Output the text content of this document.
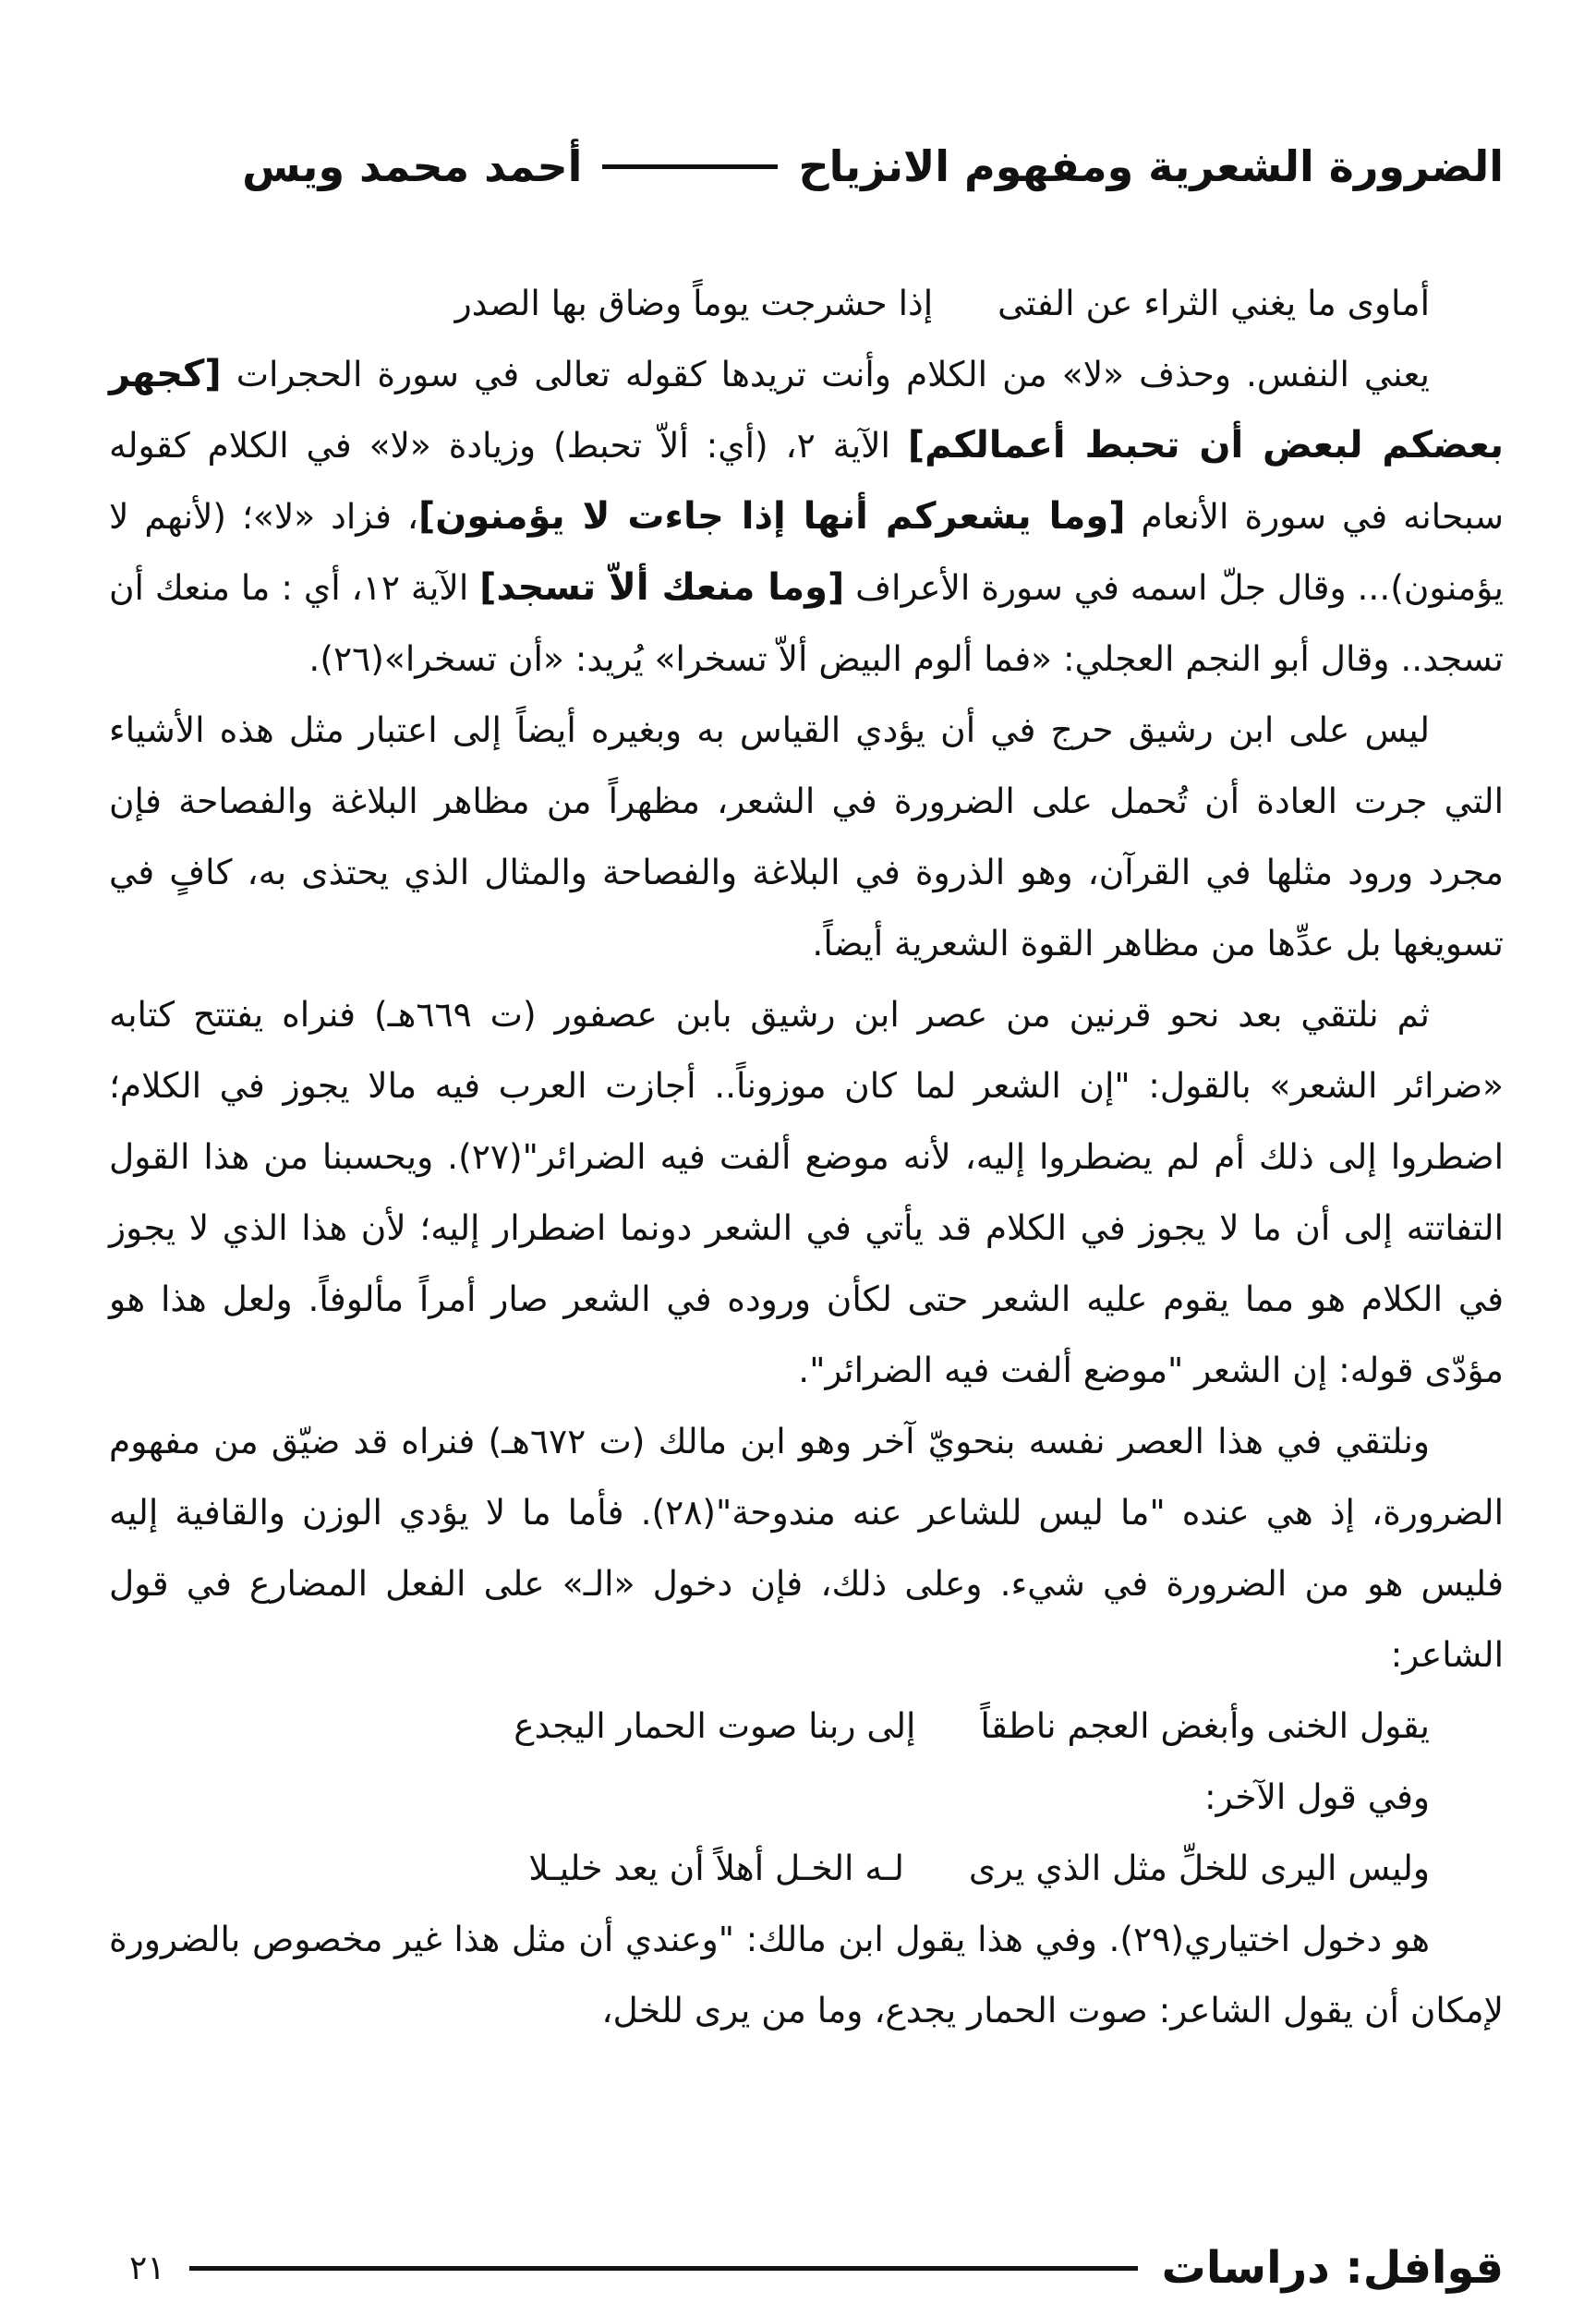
الضرورة الشعرية ومفهوم الانزياح
أحمد محمد ويس
أماوى ما يغني الثراء عن الفتى
إذا حشرجت يوماً وضاق بها الصدر

يعني النفس. وحذف «لا» من الكلام وأنت تريدها كقوله تعالى في سورة الحجرات [كجهر بعضكم لبعض أن تحبط أعمالكم] الآية ٢، (أي: ألاّ تحبط) وزيادة «لا» في الكلام كقوله سبحانه في سورة الأنعام [وما يشعركم أنها إذا جاءت لا يؤمنون]، فزاد «لا»؛ (لأنهم لا يؤمنون)... وقال جلّ اسمه في سورة الأعراف [وما منعك ألاّ تسجد] الآية ١٢، أي : ما منعك أن تسجد.. وقال أبو النجم العجلي: «فما ألوم البيض ألاّ تسخرا» يُريد: «أن تسخرا»(٢٦).

ليس على ابن رشيق حرج في أن يؤدي القياس به وبغيره أيضاً إلى اعتبار مثل هذه الأشياء التي جرت العادة أن تُحمل على الضرورة في الشعر، مظهراً من مظاهر البلاغة والفصاحة فإن مجرد ورود مثلها في القرآن، وهو الذروة في البلاغة والفصاحة والمثال الذي يحتذى به، كافٍ في تسويغها بل عدِّها من مظاهر القوة الشعرية أيضاً.

ثم نلتقي بعد نحو قرنين من عصر ابن رشيق بابن عصفور (ت ٦٦٩هـ) فنراه يفتتح كتابه «ضرائر الشعر» بالقول: "إن الشعر لما كان موزوناً.. أجازت العرب فيه مالا يجوز في الكلام؛ اضطروا إلى ذلك أم لم يضطروا إليه، لأنه موضع ألفت فيه الضرائر"(٢٧). ويحسبنا من هذا القول التفاتته إلى أن ما لا يجوز في الكلام قد يأتي في الشعر دونما اضطرار إليه؛ لأن هذا الذي لا يجوز في الكلام هو مما يقوم عليه الشعر حتى لكأن وروده في الشعر صار أمراً مألوفاً. ولعل هذا هو مؤدّى قوله: إن الشعر "موضع ألفت فيه الضرائر".

ونلتقي في هذا العصر نفسه بنحويّ آخر وهو ابن مالك (ت ٦٧٢هـ) فنراه قد ضيّق من مفهوم الضرورة، إذ هي عنده "ما ليس للشاعر عنه مندوحة"(٢٨). فأما ما لا يؤدي الوزن والقافية إليه فليس هو من الضرورة في شيء. وعلى ذلك، فإن دخول «الـ» على الفعل المضارع في قول الشاعر:

يقول الخنى وأبغض العجم ناطقاً
إلى ربنا صوت الحمار اليجدع

وفي قول الآخر:

وليس اليرى للخلِّ مثل الذي يرى
لـه الخـل أهلاً أن يعد خليـلا

هو دخول اختياري(٢٩). وفي هذا يقول ابن مالك: "وعندي أن مثل هذا غير مخصوص بالضرورة لإمكان أن يقول الشاعر: صوت الحمار يجدع، وما من يرى للخل،

قوافل: دراسات
٢١
